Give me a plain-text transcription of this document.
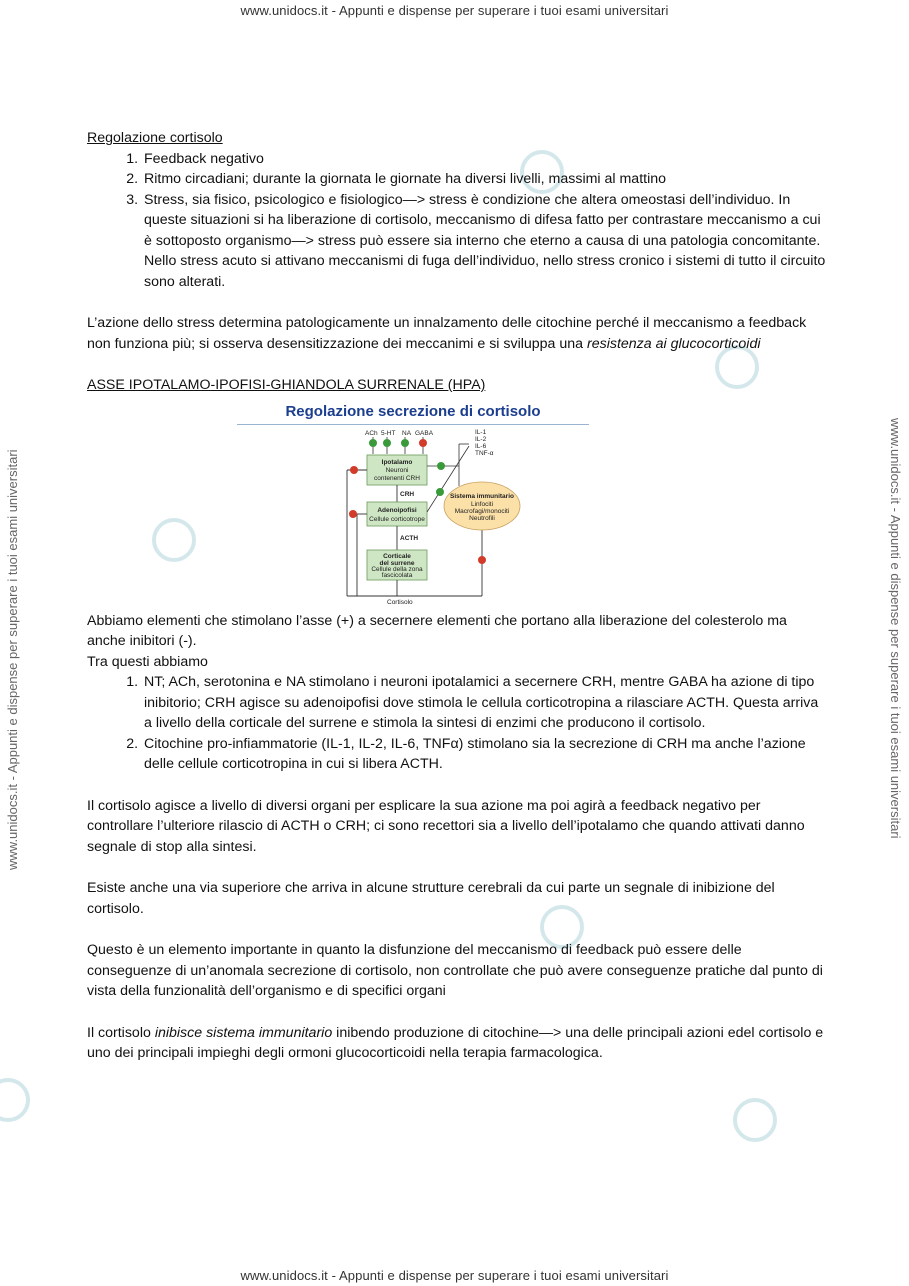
www.unidocs.it - Appunti e dispense per superare i tuoi esami universitari
www.unidocs.it - Appunti e dispense per superare i tuoi esami universitari
www.unidocs.it - Appunti e dispense per superare i tuoi esami universitari	www.unidocs.it - Appunti e dispense per superare i tuoi esami universitari
Regolazione cortisolo
1. Feedback negativo
2. Ritmo circadiani; durante la giornata le giornate ha diversi livelli, massimi al mattino
3. Stress, sia fisico, psicologico e fisiologico—> stress è condizione che altera omeostasi dell’individuo. In queste situazioni si ha liberazione di cortisolo, meccanismo di difesa fatto per contrastare meccanismo a cui è sottoposto organismo—> stress può essere sia interno che eterno a causa di una patologia concomitante.
Nello stress acuto si attivano meccanismi di fuga dell’individuo, nello stress cronico i sistemi di tutto il circuito sono alterati.

L’azione dello stress determina patologicamente un innalzamento delle citochine perché il meccanismo a feedback non funziona più; si osserva desensitizzazione dei meccanimi e si sviluppa una resistenza ai glucocorticoidi

ASSE IPOTALAMO-IPOFISI-GHIANDOLA SURRENALE (HPA)
Regolazione secrezione di cortisolo
ACh 5-HT NA GABA
Ipotalamo
Neuroni
contenenti CRH
CRH
Adenoipofisi
Cellule corticotrope
ACTH
Corticale
del surrene
Cellule della zona
fascicolata
Cortisolo
IL-1
IL-2
IL-6
TNF-α
Sistema immunitario
Linfociti
Macrofagi/monociti
Neutrofili

Abbiamo elementi che stimolano l’asse (+) a secernere elementi che portano alla liberazione del colesterolo ma anche inibitori (-).

Tra questi abbiamo

1. NT; ACh, serotonina e NA stimolano i neuroni ipotalamici a secernere CRH, mentre GABA ha azione di tipo inibitorio; CRH agisce su adenoipofisi dove stimola le cellula corticotropina a rilasciare ACTH. Questa arriva a livello della corticale del surrene e stimola la sintesi di enzimi che producono il cortisolo.
2. Citochine pro-infiammatorie (IL-1, IL-2, IL-6, TNFα) stimolano sia la secrezione di CRH ma anche l’azione delle cellule corticotropina in cui si libera ACTH.

Il cortisolo agisce a livello di diversi organi per esplicare la sua azione ma poi agirà a feedback negativo per controllare l’ulteriore rilascio di ACTH o CRH; ci sono recettori sia a livello dell’ipotalamo che quando attivati danno segnale di stop alla sintesi.

Esiste anche una via superiore che arriva in alcune strutture cerebrali da cui parte un segnale di inibizione del cortisolo.

Questo è un elemento importante in quanto la disfunzione del meccanismo di feedback può essere delle conseguenze di un’anomala secrezione di cortisolo, non controllate che può avere conseguenze pratiche dal punto di vista della funzionalità dell’organismo e di specifici organi

Il cortisolo inibisce sistema immunitario inibendo produzione di citochine—> una delle principali azioni edel cortisolo e uno dei principali impieghi degli ormoni glucocorticoidi nella terapia farmacologica.
